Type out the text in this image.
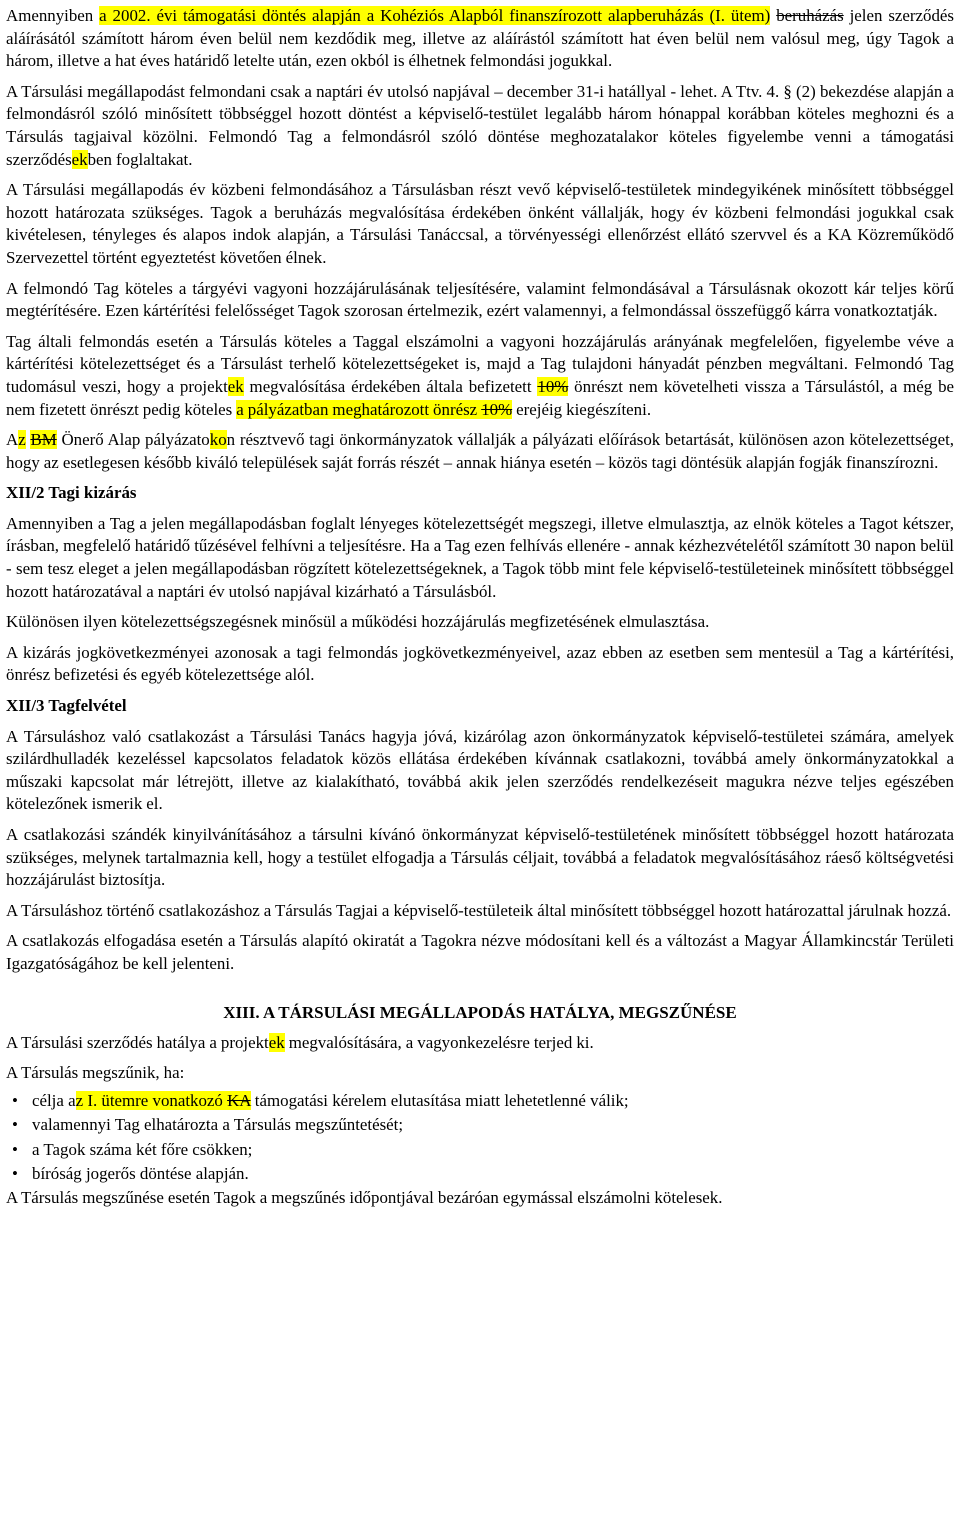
Amennyiben a 2002. évi támogatási döntés alapján a Kohéziós Alapból finanszírozott alapberuházás (I. ütem) beruházás jelen szerződés aláírásától számított három éven belül nem kezdődik meg, illetve az aláírástól számított hat éven belül nem valósul meg, úgy Tagok a három, illetve a hat éves határidő letelte után, ezen okból is élhetnek felmondási jogukkal.

A Társulási megállapodást felmondani csak a naptári év utolsó napjával – december 31-i hatállyal - lehet. A Ttv. 4. § (2) bekezdése alapján a felmondásról szóló minősített többséggel hozott döntést a képviselő-testület legalább három hónappal korábban köteles meghozni és a Társulás tagjaival közölni. Felmondó Tag a felmondásról szóló döntése meghozatalakor köteles figyelembe venni a támogatási szerződésekben foglaltakat.

A Társulási megállapodás év közbeni felmondásához a Társulásban részt vevő képviselő-testületek mindegyikének minősített többséggel hozott határozata szükséges. Tagok a beruházás megvalósítása érdekében önként vállalják, hogy év közbeni felmondási jogukkal csak kivételesen, tényleges és alapos indok alapján, a Társulási Tanáccsal, a törvényességi ellenőrzést ellátó szervvel és a KA Közreműködő Szervezettel történt egyeztetést követően élnek.

A felmondó Tag köteles a tárgyévi vagyoni hozzájárulásának teljesítésére, valamint felmondásával a Társulásnak okozott kár teljes körű megtérítésére. Ezen kártérítési felelősséget Tagok szorosan értelmezik, ezért valamennyi, a felmondással összefüggő kárra vonatkoztatják.

Tag általi felmondás esetén a Társulás köteles a Taggal elszámolni a vagyoni hozzájárulás arányának megfelelően, figyelembe véve a kártérítési kötelezettséget és a Társulást terhelő kötelezettségeket is, majd a Tag tulajdoni hányadát pénzben megváltani. Felmondó Tag tudomásul veszi, hogy a projektek megvalósítása érdekében általa befizetett 10% önrészt nem követelheti vissza a Társulástól, a még be nem fizetett önrészt pedig köteles a pályázatban meghatározott önrész 10% erejéig kiegészíteni.

Az BM Önerő Alap pályázatokon résztvevő tagi önkormányzatok vállalják a pályázati előírások betartását, különösen azon kötelezettséget, hogy az esetlegesen később kiváló települések saját forrás részét – annak hiánya esetén – közös tagi döntésük alapján fogják finanszírozni.

XII/2 Tagi kizárás

Amennyiben a Tag a jelen megállapodásban foglalt lényeges kötelezettségét megszegi, illetve elmulasztja, az elnök köteles a Tagot kétszer, írásban, megfelelő határidő tűzésével felhívni a teljesítésre. Ha a Tag ezen felhívás ellenére - annak kézhezvételétől számított 30 napon belül - sem tesz eleget a jelen megállapodásban rögzített kötelezettségeknek, a Tagok több mint fele képviselő-testületeinek minősített többséggel hozott határozatával a naptári év utolsó napjával kizárható a Társulásból.

Különösen ilyen kötelezettségszegésnek minősül a működési hozzájárulás megfizetésének elmulasztása.

A kizárás jogkövetkezményei azonosak a tagi felmondás jogkövetkezményeivel, azaz ebben az esetben sem mentesül a Tag a kártérítési, önrész befizetési és egyéb kötelezettsége alól.

XII/3 Tagfelvétel

A Társuláshoz való csatlakozást a Társulási Tanács hagyja jóvá, kizárólag azon önkormányzatok képviselő-testületei számára, amelyek szilárdhulladék kezeléssel kapcsolatos feladatok közös ellátása érdekében kívánnak csatlakozni, továbbá amely önkormányzatokkal a műszaki kapcsolat már létrejött, illetve az kialakítható, továbbá akik jelen szerződés rendelkezéseit magukra nézve teljes egészében kötelezőnek ismerik el.

A csatlakozási szándék kinyilvánításához a társulni kívánó önkormányzat képviselő-testületének minősített többséggel hozott határozata szükséges, melynek tartalmaznia kell, hogy a testület elfogadja a Társulás céljait, továbbá a feladatok megvalósításához ráeső költségvetési hozzájárulást biztosítja.

A Társuláshoz történő csatlakozáshoz a Társulás Tagjai a képviselő-testületeik által minősített többséggel hozott határozattal járulnak hozzá.

A csatlakozás elfogadása esetén a Társulás alapító okiratát a Tagokra nézve módosítani kell és a változást a Magyar Államkincstár Területi Igazgatóságához be kell jelenteni.

XIII. A TÁRSULÁSI MEGÁLLAPODÁS HATÁLYA, MEGSZŰNÉSE

A Társulási szerződés hatálya a projektek megvalósítására, a vagyonkezelésre terjed ki.

A Társulás megszűnik, ha:

• célja az I. ütemre vonatkozó KA támogatási kérelem elutasítása miatt lehetetlenné válik;
• valamennyi Tag elhatározta a Társulás megszűntetését;
• a Tagok száma két főre csökken;
• bíróság jogerős döntése alapján.

A Társulás megszűnése esetén Tagok a megszűnés időpontjával bezáróan egymással elszámolni kötelesek.
